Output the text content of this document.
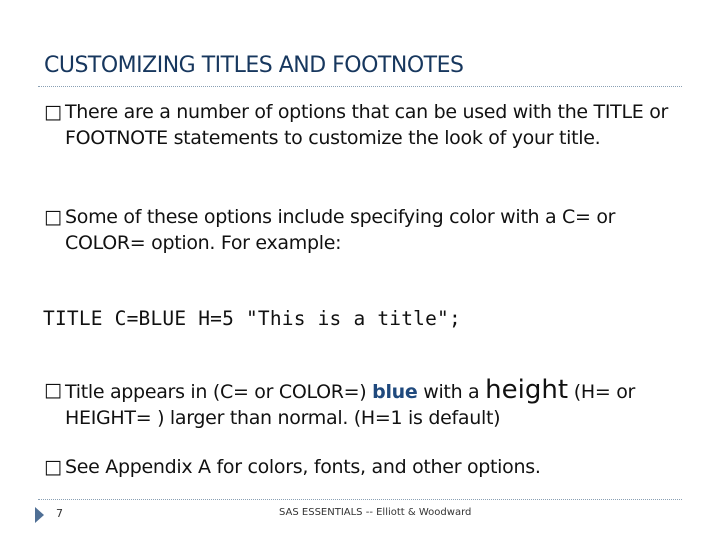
CUSTOMIZING TITLES AND FOOTNOTES
□ There are a number of options that can be used with the TITLE or FOOTNOTE statements to customize the look of your title.
□ Some of these options include specifying color with a C= or COLOR= option. For example:
TITLE C=BLUE H=5 "This is a title";
□ Title appears in (C= or COLOR=) blue with a height (H= or HEIGHT= ) larger than normal. (H=1 is default)
□ See Appendix A for colors, fonts, and other options.
7	SAS ESSENTIALS -- Elliott & Woodward
